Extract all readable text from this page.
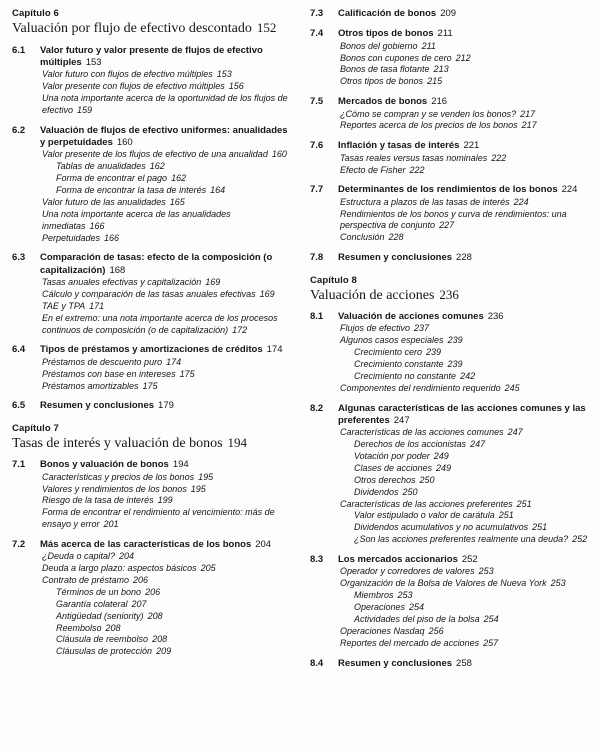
Capítulo 6
Valuación por flujo de efectivo descontado 152
6.1	Valor futuro y valor presente de flujos de efectivo múltiples 153
Valor futuro con flujos de efectivo múltiples 153
Valor presente con flujos de efectivo múltiples 156
Una nota importante acerca de la oportunidad de los flujos de efectivo 159
6.2	Valuación de flujos de efectivo uniformes: anualidades y perpetuidades 160
Valor presente de los flujos de efectivo de una anualidad 160
Tablas de anualidades 162
Forma de encontrar el pago 162
Forma de encontrar la tasa de interés 164
Valor futuro de las anualidades 165
Una nota importante acerca de las anualidades inmediatas 166
Perpetuidades 166
6.3	Comparación de tasas: efecto de la composición (o capitalización) 168
Tasas anuales efectivas y capitalización 169
Cálculo y comparación de las tasas anuales efectivas 169
TAE y TPA 171
En el extremo: una nota importante acerca de los procesos continuos de composición (o de capitalización) 172
6.4	Tipos de préstamos y amortizaciones de créditos 174
Préstamos de descuento puro 174
Préstamos con base en intereses 175
Préstamos amortizables 175
6.5	Resumen y conclusiones 179
Capítulo 7
Tasas de interés y valuación de bonos 194
7.1	Bonos y valuación de bonos 194
Características y precios de los bonos 195
Valores y rendimientos de los bonos 195
Riesgo de la tasa de interés 199
Forma de encontrar el rendimiento al vencimiento: más de ensayo y error 201
7.2	Más acerca de las características de los bonos 204
¿Deuda o capital? 204
Deuda a largo plazo: aspectos básicos 205
Contrato de préstamo 206
Términos de un bono 206
Garantía colateral 207
Antigüedad (seniority) 208
Reembolso 208
Cláusula de reembolso 208
Cláusulas de protección 209
7.3	Calificación de bonos 209
7.4	Otros tipos de bonos 211
Bonos del gobierno 211
Bonos con cupones de cero 212
Bonos de tasa flotante 213
Otros tipos de bonos 215
7.5	Mercados de bonos 216
¿Cómo se compran y se venden los bonos? 217
Reportes acerca de los precios de los bonos 217
7.6	Inflación y tasas de interés 221
Tasas reales versus tasas nominales 222
Efecto de Fisher 222
7.7	Determinantes de los rendimientos de los bonos 224
Estructura a plazos de las tasas de interés 224
Rendimientos de los bonos y curva de rendimientos: una perspectiva de conjunto 227
Conclusión 228
7.8	Resumen y conclusiones 228
Capítulo 8
Valuación de acciones 236
8.1	Valuación de acciones comunes 236
Flujos de efectivo 237
Algunos casos especiales 239
Crecimiento cero 239
Crecimiento constante 239
Crecimiento no constante 242
Componentes del rendimiento requerido 245
8.2	Algunas características de las acciones comunes y las preferentes 247
Características de las acciones comunes 247
Derechos de los accionistas 247
Votación por poder 249
Clases de acciones 249
Otros derechos 250
Dividendos 250
Características de las acciones preferentes 251
Valor estipulado o valor de carátula 251
Dividendos acumulativos y no acumulativos 251
¿Son las acciones preferentes realmente una deuda? 252
8.3	Los mercados accionarios 252
Operador y corredores de valores 253
Organización de la Bolsa de Valores de Nueva York 253
Miembros 253
Operaciones 254
Actividades del piso de la bolsa 254
Operaciones Nasdaq 256
Reportes del mercado de acciones 257
8.4	Resumen y conclusiones 258
